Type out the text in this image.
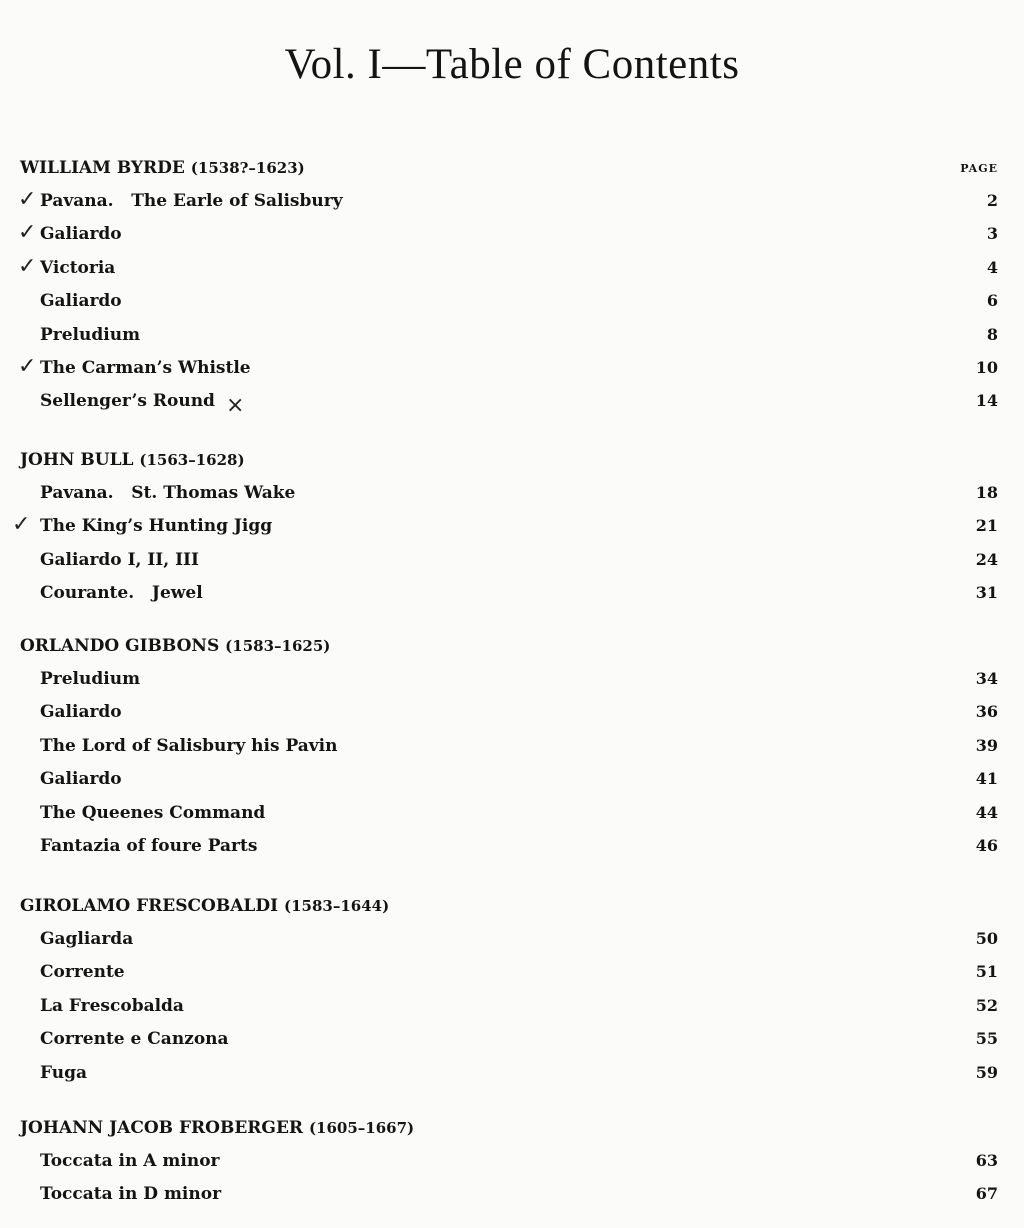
Vol. I—Table of Contents
PAGE
WILLIAM BYRDE (1538?–1623)
Pavana.   The Earle of Salisbury	2
✓
Galiardo	3
✓
Victoria	4
✓
Galiardo	6
Preludium	8
The Carman’s Whistle	10
✓
Sellenger’s Round	14
×
JOHN BULL (1563–1628)
Pavana.   St. Thomas Wake	18
The King’s Hunting Jigg	21
✓
Galiardo I, II, III	24
Courante.   Jewel	31
ORLANDO GIBBONS (1583–1625)
Preludium	34
Galiardo	36
The Lord of Salisbury his Pavin	39
Galiardo	41
The Queenes Command	44
Fantazia of foure Parts	46
GIROLAMO FRESCOBALDI (1583–1644)
Gagliarda	50
Corrente	51
La Frescobalda	52
Corrente e Canzona	55
Fuga	59
JOHANN JACOB FROBERGER (1605–1667)
Toccata in A minor	63
Toccata in D minor	67
